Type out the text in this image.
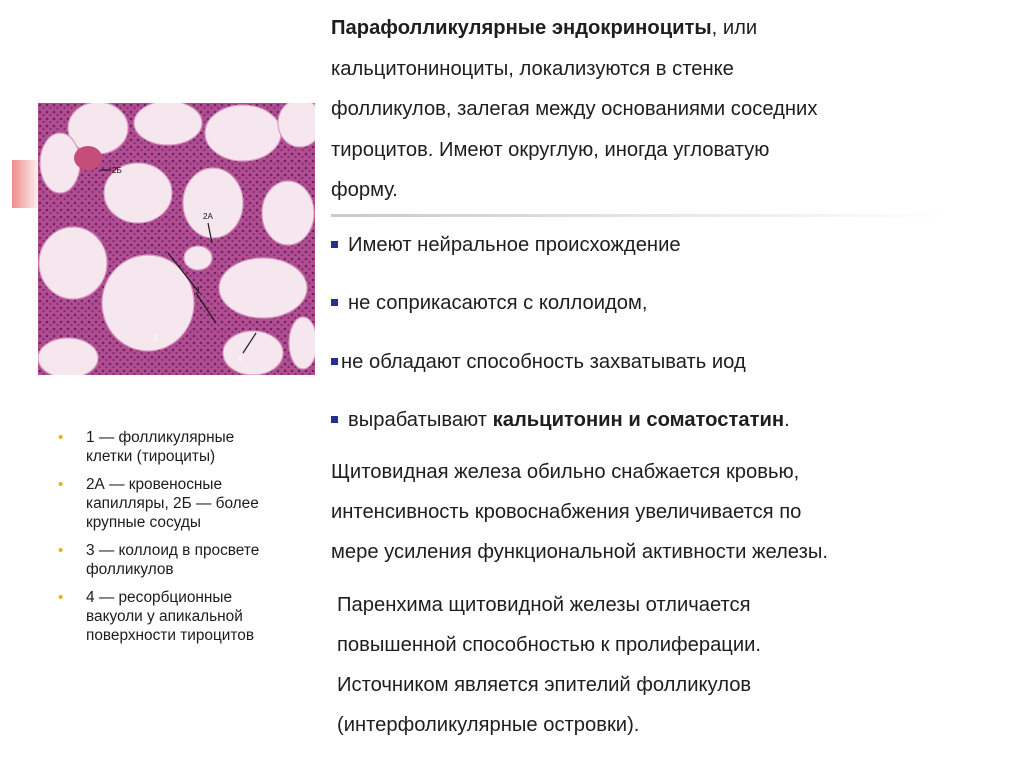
2Б
2А
1
3
4
• 1 — фолликулярные
клетки (тироциты)
• 2А — кровеносные
капилляры, 2Б — более
крупные сосуды
• 3 — коллоид в просвете
фолликулов
• 4 — ресорбционные
вакуоли у апикальной
поверхности тироцитов

Парафолликулярные эндокриноциты, или
кальцитониноциты, локализуются в стенке
фолликулов, залегая между основаниями соседних
тироцитов. Имеют округлую, иногда угловатую
форму.

Имеют нейральное происхождение
не соприкасаются с коллоидом,
не обладают способность захватывать иод
вырабатывают кальцитонин и соматостатин.

Щитовидная железа обильно снабжается кровью,
интенсивность кровоснабжения увеличивается по
мере усиления функциональной активности железы.

Паренхима щитовидной железы отличается
повышенной способностью к пролиферации.
Источником является эпителий фолликулов
(интерфоликулярные островки).
